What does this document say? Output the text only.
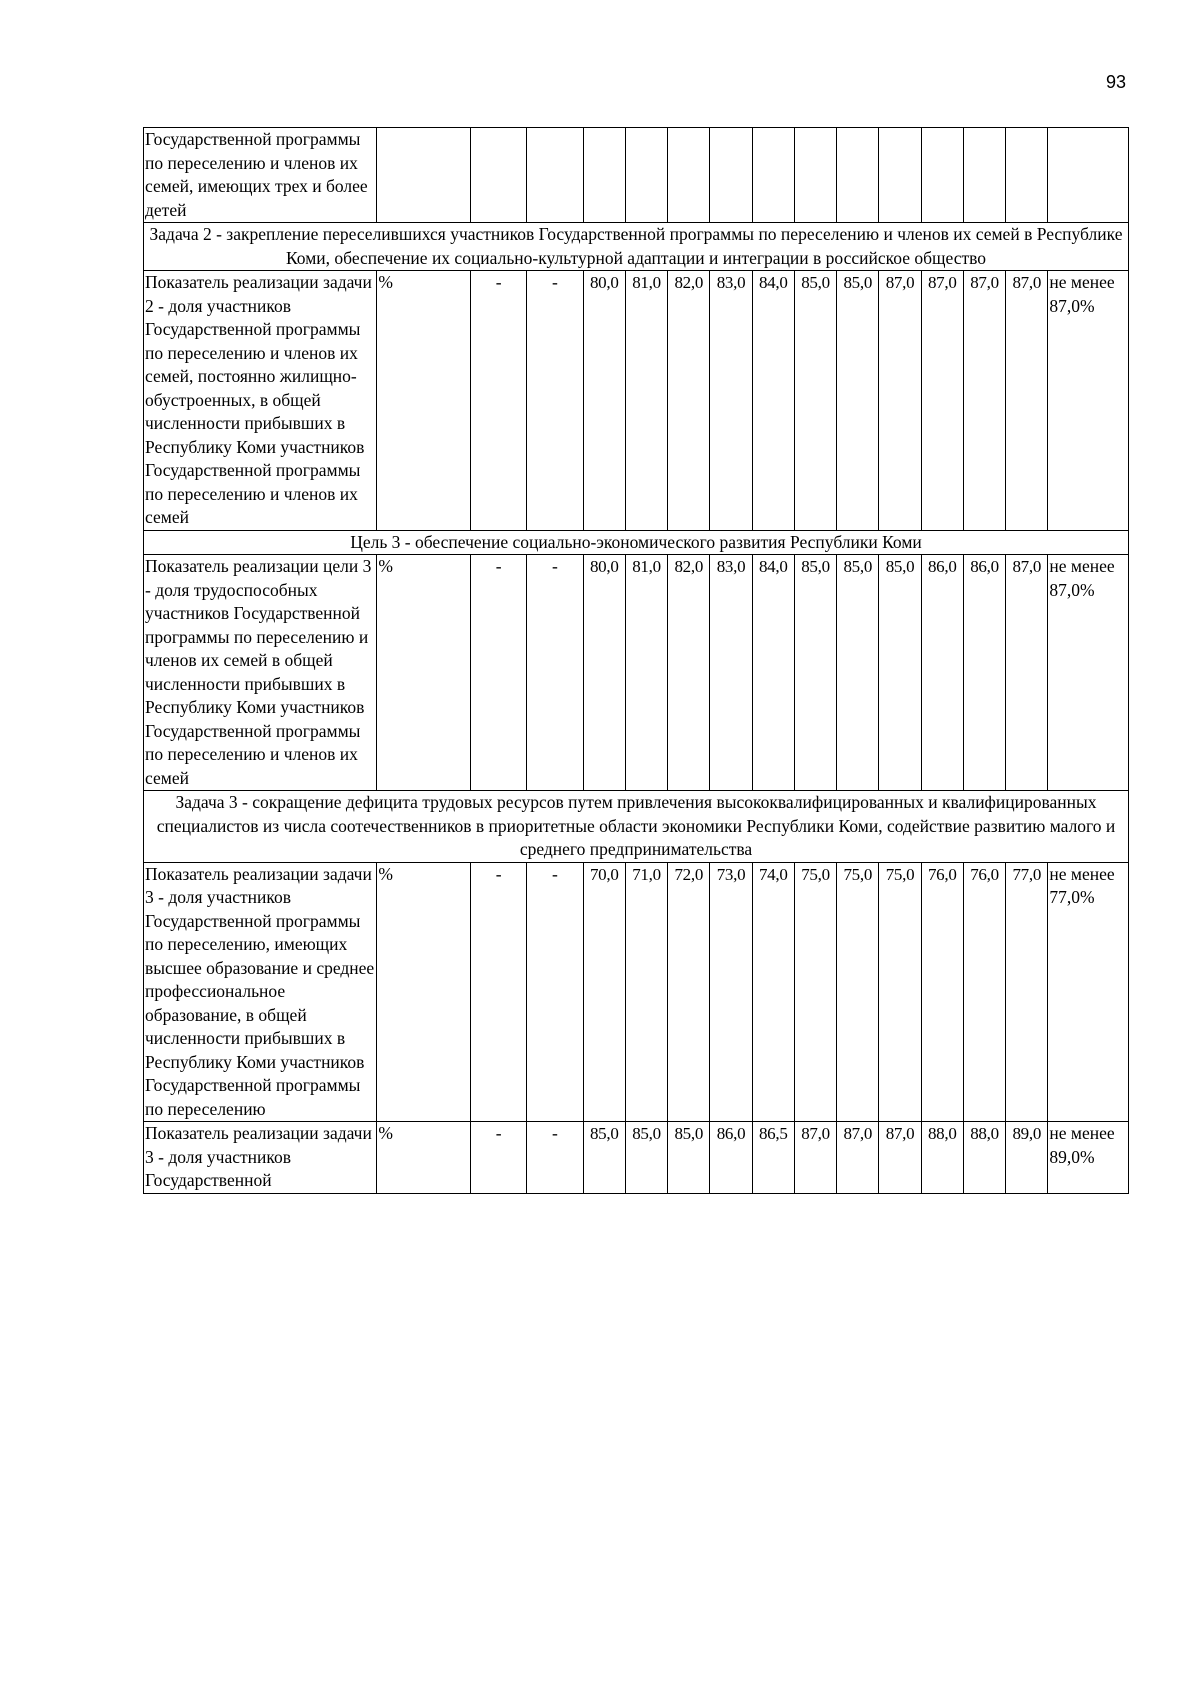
93
Государственной программы по переселению и членов их семей, имеющих трех и более детей															
Задача 2 - закрепление переселившихся участников Государственной программы по переселению и членов их семей в Республике Коми, обеспечение их социально-культурной адаптации и интеграции в российское общество															
Показатель реализации задачи 2 - доля участников Государственной программы по переселению и членов их семей, постоянно жилищно-обустроенных, в общей численности прибывших в Республику Коми участников Государственной программы по переселению и членов их семей	%	-	-	80,0	81,0	82,0	83,0	84,0	85,0	85,0	87,0	87,0	87,0	87,0	не менее 87,0%
Цель 3 - обеспечение социально-экономического развития Республики Коми															
Показатель реализации цели 3 - доля трудоспособных участников Государственной программы по переселению и членов их семей в общей численности прибывших в Республику Коми участников Государственной программы по переселению и членов их семей	%	-	-	80,0	81,0	82,0	83,0	84,0	85,0	85,0	85,0	86,0	86,0	87,0	не менее 87,0%
Задача 3 - сокращение дефицита трудовых ресурсов путем привлечения высококвалифицированных и квалифицированных специалистов из числа соотечественников в приоритетные области экономики Республики Коми, содействие развитию малого и среднего предпринимательства															
Показатель реализации задачи 3 - доля участников Государственной программы по переселению, имеющих высшее образование и среднее профессиональное образование, в общей численности прибывших в Республику Коми участников Государственной программы по переселению	%	-	-	70,0	71,0	72,0	73,0	74,0	75,0	75,0	75,0	76,0	76,0	77,0	не менее 77,0%
Показатель реализации задачи 3 - доля участников Государственной	%	-	-	85,0	85,0	85,0	86,0	86,5	87,0	87,0	87,0	88,0	88,0	89,0	не менее 89,0%
